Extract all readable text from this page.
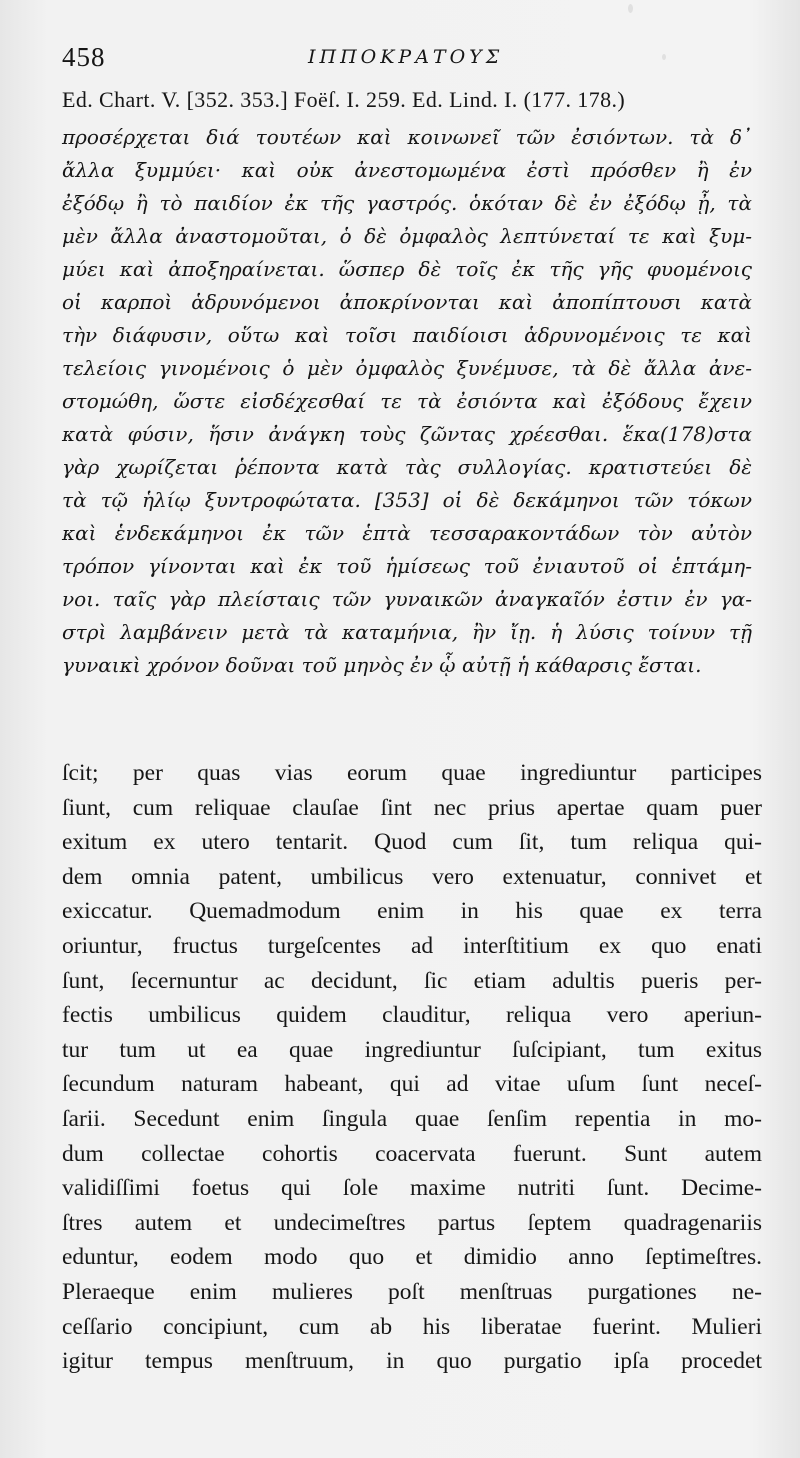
458	ΙΠΠΟΚΡΑΤΟΥΣ
Ed. Chart. V. [352. 353.] Foëſ. I. 259. Ed. Lind. I. (177. 178.)
προσέρχεται διά τουτέων καὶ κοινωνεῖ τῶν ἐσιόντων. τὰ δ᾽
ἄλλα ξυμμύει· καὶ οὐκ ἀνεστομωμένα ἐστὶ πρόσθεν ἢ ἐν
ἐξόδῳ ἢ τὸ παιδίον ἐκ τῆς γαστρός. ὁκόταν δὲ ἐν ἐξόδῳ ᾖ, τὰ
μὲν ἄλλα ἀναστομοῦται, ὁ δὲ ὀμφαλὸς λεπτύνεταί τε καὶ ξυμ-
μύει καὶ ἀποξηραίνεται. ὥσπερ δὲ τοῖς ἐκ τῆς γῆς φυομένοις
οἱ καρποὶ ἁδρυνόμενοι ἀποκρίνονται καὶ ἀποπίπτουσι κατὰ
τὴν διάφυσιν, οὕτω καὶ τοῖσι παιδίοισι ἁδρυνομένοις τε καὶ
τελείοις γινομένοις ὁ μὲν ὀμφαλὸς ξυνέμυσε, τὰ δὲ ἄλλα ἀνε-
στομώθη, ὥστε εἰσδέχεσθαί τε τὰ ἐσιόντα καὶ ἐξόδους ἔχειν
κατὰ φύσιν, ἥσιν ἀνάγκη τοὺς ζῶντας χρέεσθαι. ἕκα(178)στα
γὰρ χωρίζεται ῥέποντα κατὰ τὰς συλλογίας. κρατιστεύει δὲ
τὰ τῷ ἡλίῳ ξυντροφώτατα. [353] οἱ δὲ δεκάμηνοι τῶν τόκων
καὶ ἑνδεκάμηνοι ἐκ τῶν ἑπτὰ τεσσαρακοντάδων τὸν αὐτὸν
τρόπον γίνονται καὶ ἐκ τοῦ ἡμίσεως τοῦ ἐνιαυτοῦ οἱ ἑπτάμη-
νοι. ταῖς γὰρ πλείσταις τῶν γυναικῶν ἀναγκαῖόν ἐστιν ἐν γα-
στρὶ λαμβάνειν μετὰ τὰ καταμήνια, ἢν ἴῃ. ἡ λύσις τοίνυν τῇ
γυναικὶ χρόνον δοῦναι τοῦ μηνὸς ἐν ᾧ αὐτῇ ἡ κάθαρσις ἔσται.
ſcit; per quas vias eorum quae ingrediuntur participes
ſiunt, cum reliquae clauſae ſint nec prius apertae quam puer
exitum ex utero tentarit. Quod cum ſit, tum reliqua qui-
dem omnia patent, umbilicus vero extenuatur, connivet et
exiccatur. Quemadmodum enim in his quae ex terra
oriuntur, fructus turgeſcentes ad interſtitium ex quo enati
ſunt, ſecernuntur ac decidunt, ſic etiam adultis pueris per-
fectis umbilicus quidem clauditur, reliqua vero aperiun-
tur tum ut ea quae ingrediuntur ſuſcipiant, tum exitus
ſecundum naturam habeant, qui ad vitae uſum ſunt neceſ-
ſarii. Secedunt enim ſingula quae ſenſim repentia in mo-
dum collectae cohortis coacervata fuerunt. Sunt autem
validiſſimi foetus qui ſole maxime nutriti ſunt. Decime-
ſtres autem et undecimeſtres partus ſeptem quadragenariis
eduntur, eodem modo quo et dimidio anno ſeptimeſtres.
Pleraeque enim mulieres poſt menſtruas purgationes ne-
ceſſario concipiunt, cum ab his liberatae fuerint. Mulieri
igitur tempus menſtruum, in quo purgatio ipſa procedet
